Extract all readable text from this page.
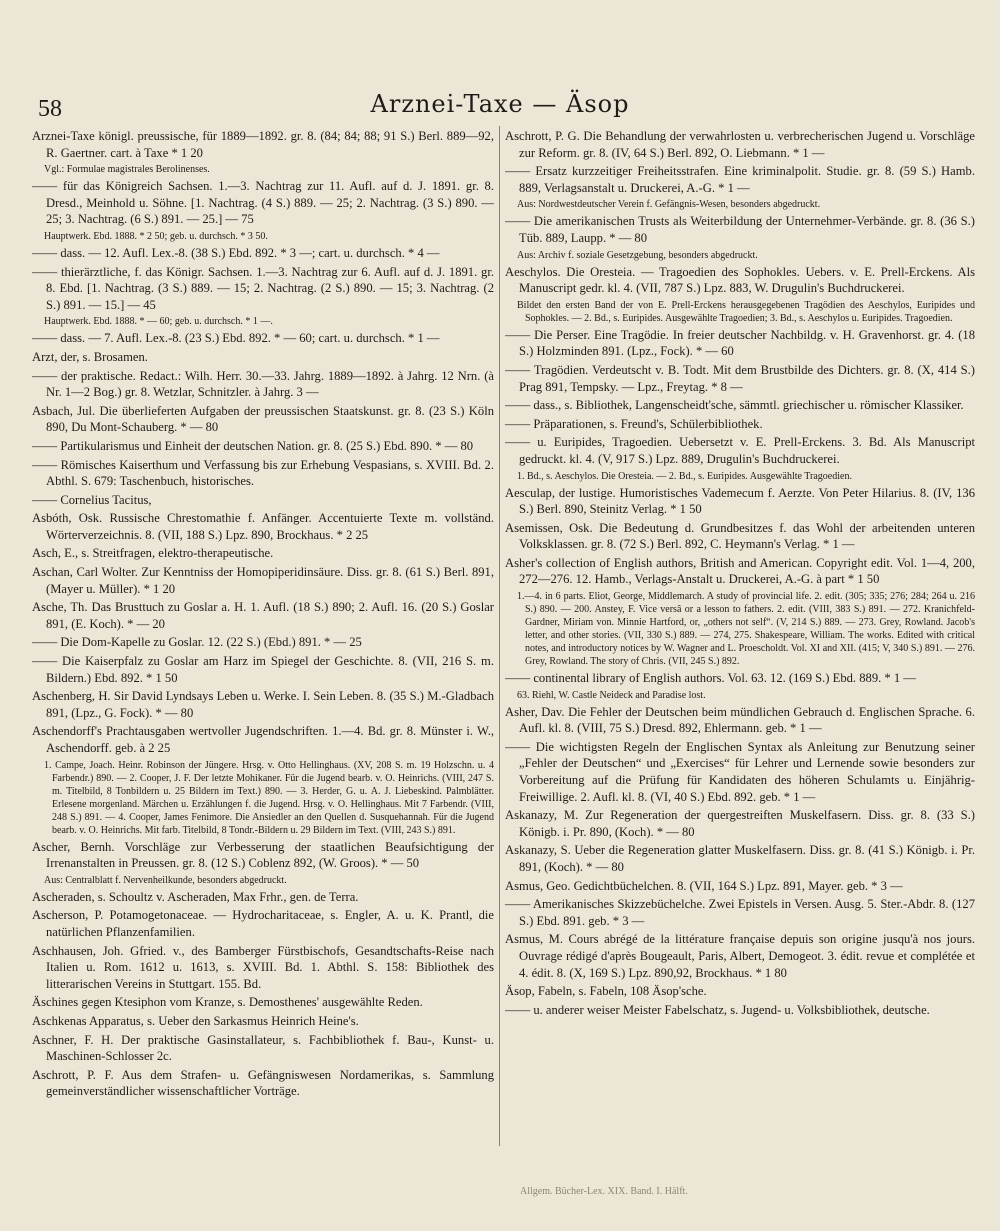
58	Arznei-Taxe — Äsop
Arznei-Taxe königl. preussische, für 1889—1892. gr. 8. (84; 84; 88; 91 S.) Berl. 889—92, R. Gaertner. cart. à Taxe * 1 20
Vgl.: Formulae magistrales Berolinenses.
—— für das Königreich Sachsen. 1.—3. Nachtrag zur 11. Aufl. auf d. J. 1891. gr. 8. Dresd., Meinhold u. Söhne. [1. Nachtrag. (4 S.) 889. — 25; 2. Nachtrag. (3 S.) 890. — 25; 3. Nachtrag. (6 S.) 891. — 25.] — 75
Hauptwerk. Ebd. 1888. * 2 50; geb. u. durchsch. * 3 50.
—— dass. — 12. Aufl. Lex.-8. (38 S.) Ebd. 892. * 3 —; cart. u. durchsch. * 4 —
—— thierärztliche, f. das Königr. Sachsen. 1.—3. Nachtrag zur 6. Aufl. auf d. J. 1891. gr. 8. Ebd. [1. Nachtrag. (3 S.) 889. — 15; 2. Nachtrag. (2 S.) 890. — 15; 3. Nachtrag. (2 S.) 891. — 15.] — 45
Hauptwerk. Ebd. 1888. * — 60; geb. u. durchsch. * 1 —.
—— dass. — 7. Aufl. Lex.-8. (23 S.) Ebd. 892. * — 60; cart. u. durchsch. * 1 —
Arzt, der, s. Brosamen.
—— der praktische. Redact.: Wilh. Herr. 30.—33. Jahrg. 1889—1892. à Jahrg. 12 Nrn. (à Nr. 1—2 Bog.) gr. 8. Wetzlar, Schnitzler. à Jahrg. 3 —
Asbach, Jul. Die überlieferten Aufgaben der preussischen Staatskunst. gr. 8. (23 S.) Köln 890, Du Mont-Schauberg. * — 80
—— Partikularismus und Einheit der deutschen Nation. gr. 8. (25 S.) Ebd. 890. * — 80
—— Römisches Kaiserthum und Verfassung bis zur Erhebung Vespasians, s. XVIII. Bd. 2. Abthl. S. 679: Taschenbuch, historisches.
—— Cornelius Tacitus,
Asbóth, Osk. Russische Chrestomathie f. Anfänger. Accentuierte Texte m. vollständ. Wörterverzeichnis. 8. (VII, 188 S.) Lpz. 890, Brockhaus. * 2 25
Asch, E., s. Streitfragen, elektro-therapeutische.
Aschan, Carl Wolter. Zur Kenntniss der Homopiperidinsäure. Diss. gr. 8. (61 S.) Berl. 891, (Mayer u. Müller). * 1 20
Asche, Th. Das Brusttuch zu Goslar a. H. 1. Aufl. (18 S.) 890; 2. Aufl. 16. (20 S.) Goslar 891, (E. Koch). * — 20
—— Die Dom-Kapelle zu Goslar. 12. (22 S.) (Ebd.) 891. * — 25
—— Die Kaiserpfalz zu Goslar am Harz im Spiegel der Geschichte. 8. (VII, 216 S. m. Bildern.) Ebd. 892. * 1 50
Aschenberg, H. Sir David Lyndsays Leben u. Werke. I. Sein Leben. 8. (35 S.) M.-Gladbach 891, (Lpz., G. Fock). * — 80
Aschendorff's Prachtausgaben wertvoller Jugendschriften. 1.—4. Bd. gr. 8. Münster i. W., Aschendorff. geb. à 2 25
1. Campe, Joach. Heinr. Robinson der Jüngere. Hrsg. v. Otto Hellinghaus. (XV, 208 S. m. 19 Holzschn. u. 4 Farbendr.) 890. — 2. Cooper, J. F. Der letzte Mohikaner. Für die Jugend bearb. v. O. Heinrichs. (VIII, 247 S. m. Titelbild, 8 Tonbildern u. 25 Bildern im Text.) 890. — 3. Herder, G. u. A. J. Liebeskind. Palmblätter. Erlesene morgenland. Märchen u. Erzählungen f. die Jugend. Hrsg. v. O. Hellinghaus. Mit 7 Farbendr. (VIII, 248 S.) 891. — 4. Cooper, James Fenimore. Die Ansiedler an den Quellen d. Susquehannah. Für die Jugend bearb. v. O. Heinrichs. Mit farb. Titelbild, 8 Tondr.-Bildern u. 29 Bildern im Text. (VIII, 243 S.) 891.
Ascher, Bernh. Vorschläge zur Verbesserung der staatlichen Beaufsichtigung der Irrenanstalten in Preussen. gr. 8. (12 S.) Coblenz 892, (W. Groos). * — 50
Aus: Centralblatt f. Nervenheilkunde, besonders abgedruckt.
Ascheraden, s. Schoultz v. Ascheraden, Max Frhr., gen. de Terra.
Ascherson, P. Potamogetonaceae. — Hydrocharitaceae, s. Engler, A. u. K. Prantl, die natürlichen Pflanzenfamilien.
Aschhausen, Joh. Gfried. v., des Bamberger Fürstbischofs, Gesandtschafts-Reise nach Italien u. Rom. 1612 u. 1613, s. XVIII. Bd. 1. Abthl. S. 158: Bibliothek des litterarischen Vereins in Stuttgart. 155. Bd.
Äschines gegen Ktesiphon vom Kranze, s. Demosthenes' ausgewählte Reden.
Aschkenas Apparatus, s. Ueber den Sarkasmus Heinrich Heine's.
Aschner, F. H. Der praktische Gasinstallateur, s. Fachbibliothek f. Bau-, Kunst- u. Maschinen-Schlosser 2c.
Aschrott, P. F. Aus dem Strafen- u. Gefängniswesen Nordamerikas, s. Sammlung gemeinverständlicher wissenschaftlicher Vorträge.
Aschrott, P. G. Die Behandlung der verwahrlosten u. verbrecherischen Jugend u. Vorschläge zur Reform. gr. 8. (IV, 64 S.) Berl. 892, O. Liebmann. * 1 —
—— Ersatz kurzzeitiger Freiheitsstrafen. Eine kriminalpolit. Studie. gr. 8. (59 S.) Hamb. 889, Verlagsanstalt u. Druckerei, A.-G. * 1 —
Aus: Nordwestdeutscher Verein f. Gefängnis-Wesen, besonders abgedruckt.
—— Die amerikanischen Trusts als Weiterbildung der Unternehmer-Verbände. gr. 8. (36 S.) Tüb. 889, Laupp. * — 80
Aus: Archiv f. soziale Gesetzgebung, besonders abgedruckt.
Aeschylos. Die Oresteia. — Tragoedien des Sophokles. Uebers. v. E. Prell-Erckens. Als Manuscript gedr. kl. 4. (VII, 787 S.) Lpz. 883, W. Drugulin's Buchdruckerei.
Bildet den ersten Band der von E. Prell-Erckens herausgegebenen Tragödien des Aeschylos, Euripides und Sophokles. — 2. Bd., s. Euripides. Ausgewählte Tragoedien; 3. Bd., s. Aeschylos u. Euripides. Tragoedien.
—— Die Perser. Eine Tragödie. In freier deutscher Nachbildg. v. H. Gravenhorst. gr. 4. (18 S.) Holzminden 891. (Lpz., Fock). * — 60
—— Tragödien. Verdeutscht v. B. Todt. Mit dem Brustbilde des Dichters. gr. 8. (X, 414 S.) Prag 891, Tempsky. — Lpz., Freytag. * 8 —
—— dass., s. Bibliothek, Langenscheidt'sche, sämmtl. griechischer u. römischer Klassiker.
—— Präparationen, s. Freund's, Schülerbibliothek.
—— u. Euripides, Tragoedien. Uebersetzt v. E. Prell-Erckens. 3. Bd. Als Manuscript gedruckt. kl. 4. (V, 917 S.) Lpz. 889, Drugulin's Buchdruckerei.
1. Bd., s. Aeschylos. Die Oresteia. — 2. Bd., s. Euripides. Ausgewählte Tragoedien.
Aesculap, der lustige. Humoristisches Vademecum f. Aerzte. Von Peter Hilarius. 8. (IV, 136 S.) Berl. 890, Steinitz Verlag. * 1 50
Asemissen, Osk. Die Bedeutung d. Grundbesitzes f. das Wohl der arbeitenden unteren Volksklassen. gr. 8. (72 S.) Berl. 892, C. Heymann's Verlag. * 1 —
Asher's collection of English authors, British and American. Copyright edit. Vol. 1—4, 200, 272—276. 12. Hamb., Verlags-Anstalt u. Druckerei, A.-G. à part * 1 50
1.—4. in 6 parts. Eliot, George, Middlemarch. A study of provincial life. 2. edit. (305; 335; 276; 284; 264 u. 216 S.) 890. — 200. Anstey, F. Vice versâ or a lesson to fathers. 2. edit. (VIII, 383 S.) 891. — 272. Kranichfeld-Gardner, Miriam von. Minnie Hartford, or, „others not self“. (V, 214 S.) 889. — 273. Grey, Rowland. Jacob's letter, and other stories. (VII, 330 S.) 889. — 274, 275. Shakespeare, William. The works. Edited with critical notes, and introductory notices by W. Wagner and L. Proescholdt. Vol. XI and XII. (415; V, 340 S.) 891. — 276. Grey, Rowland. The story of Chris. (VII, 245 S.) 892.
—— continental library of English authors. Vol. 63. 12. (169 S.) Ebd. 889. * 1 —
63. Riehl, W. Castle Neideck and Paradise lost.
Asher, Dav. Die Fehler der Deutschen beim mündlichen Gebrauch d. Englischen Sprache. 6. Aufl. kl. 8. (VIII, 75 S.) Dresd. 892, Ehlermann. geb. * 1 —
—— Die wichtigsten Regeln der Englischen Syntax als Anleitung zur Benutzung seiner „Fehler der Deutschen“ und „Exercises“ für Lehrer und Lernende sowie besonders zur Vorbereitung auf die Prüfung für Kandidaten des höheren Schulamts u. Einjährig-Freiwillige. 2. Aufl. kl. 8. (VI, 40 S.) Ebd. 892. geb. * 1 —
Askanazy, M. Zur Regeneration der quergestreiften Muskelfasern. Diss. gr. 8. (33 S.) Königb. i. Pr. 890, (Koch). * — 80
Askanazy, S. Ueber die Regeneration glatter Muskelfasern. Diss. gr. 8. (41 S.) Königb. i. Pr. 891, (Koch). * — 80
Asmus, Geo. Gedichtbüchelchen. 8. (VII, 164 S.) Lpz. 891, Mayer. geb. * 3 —
—— Amerikanisches Skizzebüchelche. Zwei Epistels in Versen. Ausg. 5. Ster.-Abdr. 8. (127 S.) Ebd. 891. geb. * 3 —
Asmus, M. Cours abrégé de la littérature française depuis son origine jusqu'à nos jours. Ouvrage rédigé d'après Bougeault, Paris, Albert, Demogeot. 3. édit. revue et complétée et 4. édit. 8. (X, 169 S.) Lpz. 890,92, Brockhaus. * 1 80
Äsop, Fabeln, s. Fabeln, 108 Äsop'sche.
—— u. anderer weiser Meister Fabelschatz, s. Jugend- u. Volksbibliothek, deutsche.
Allgem. Bücher-Lex. XIX. Band. I. Hälft.
